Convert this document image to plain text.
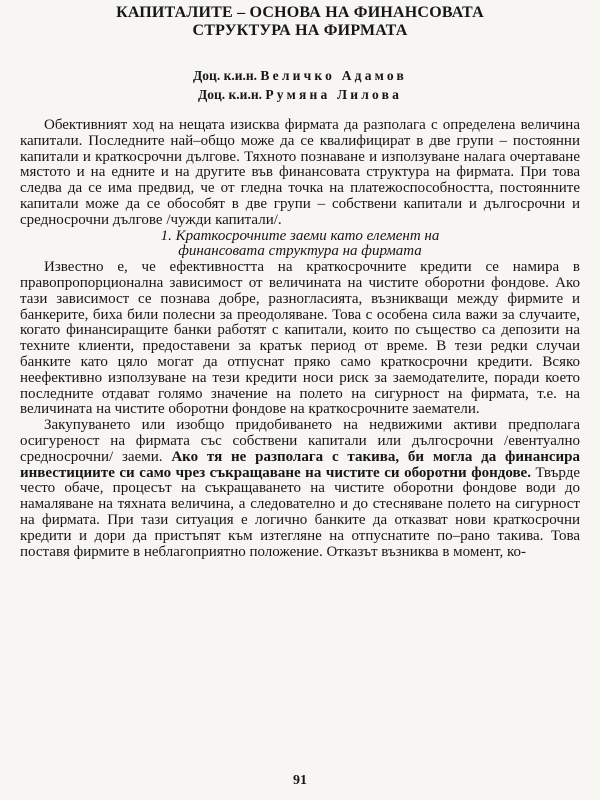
КАПИТАЛИТЕ – ОСНОВА НА ФИНАНСОВАТА
СТРУКТУРА НА ФИРМАТА
Доц. к.и.н. Величко Адамов
Доц. к.и.н. Румяна Лилова

Обективният ход на нещата изисква фирмата да разполага с определена величина капитали. Последните най–общо може да се квалифицират в две групи – постоянни капитали и краткосрочни дългове. Тяхното познаване и използуване налага очертаване мястото и на едните и на другите във финансовата структура на фирмата. При това следва да се има предвид, че от гледна точка на платежоспособността, постоянните капитали може да се обособят в две групи – собствени капитали и дългосрочни и средносрочни дългове /чужди капитали/.

1. Краткосрочните заеми като елемент на
финансовата структура на фирмата

Известно е, че ефективността на краткосрочните кредити се намира в правопропорционална зависимост от величината на чистите оборотни фондове. Ако тази зависимост се познава добре, разногласията, възникващи между фирмите и банкерите, биха били полесни за преодоляване. Това с особена сила важи за случаите, когато финансиращите банки работят с капитали, които по същество са депозити на техните клиенти, предоставени за кратък период от време. В тези редки случаи банките като цяло могат да отпуснат пряко само краткосрочни кредити. Всяко неефективно използуване на тези кредити носи риск за заемодателите, поради което последните отдават голямо значение на полето на сигурност на фирмата, т.е. на величината на чистите оборотни фондове на краткосрочните заематели.

Закупуването или изобщо придобиването на недвижими активи предполага осигуреност на фирмата със собствени капитали или дългосрочни /евентуално средносрочни/ заеми. Ако тя не разполага с такива, би могла да финансира инвестициите си само чрез съкращаване на чистите си оборотни фондове. Твърде често обаче, процесът на съкращаването на чистите оборотни фондове води до намаляване на тяхната величина, а следователно и до стесняване полето на сигурност на фирмата. При тази ситуация е логично банките да отказват нови краткосрочни кредити и дори да пристъпят към изтегляне на отпуснатите по–рано такива. Това поставя фирмите в неблагоприятно положение. Отказът възниква в момент, ко-

91
